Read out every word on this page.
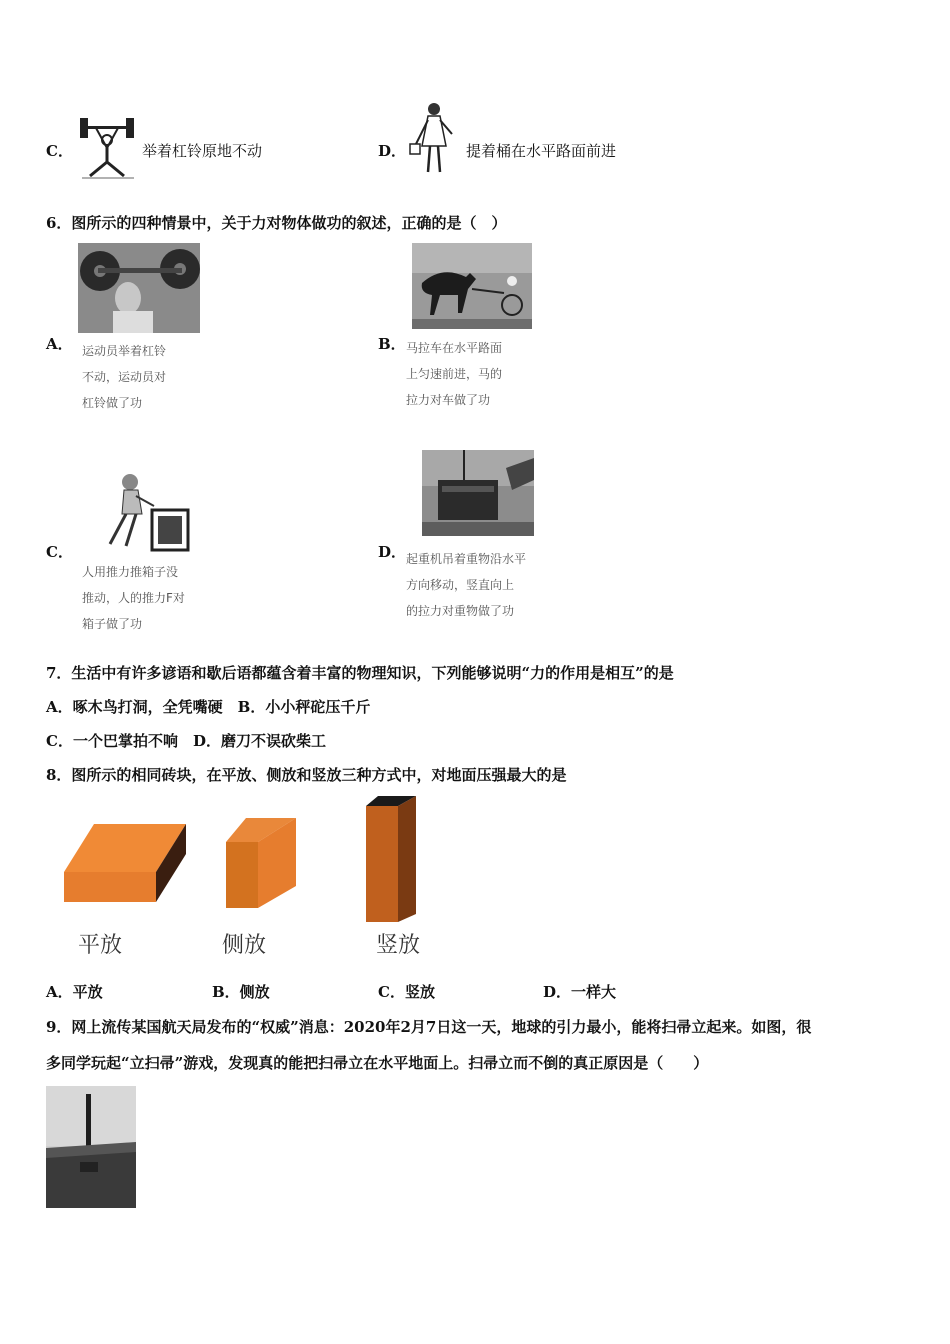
C．	举着杠铃原地不动	D．	提着桶在水平路面前进
6．图所示的四种情景中，关于力对物体做功的叙述，正确的是（　）
A． 运动员举着杠铃
不动，运动员对
杠铃做了功
B． 马拉车在水平路面
上匀速前进，马的
拉力对车做了功
C．
人用推力推箱子没
推动，人的推力F对
箱子做了功
D． 起重机吊着重物沿水平
方向移动，竖直向上
的拉力对重物做了功
7．生活中有许多谚语和歇后语都蕴含着丰富的物理知识，下列能够说明“力的作用是相互”的是
A．啄木鸟打洞，全凭嘴硬　B．小小秤砣压千斤
C．一个巴掌拍不响　D．磨刀不误砍柴工
8．图所示的相同砖块，在平放、侧放和竖放三种方式中，对地面压强最大的是
平放	侧放	竖放
A．平放	B．侧放	C．竖放	D．一样大
9．网上流传某国航天局发布的“权威”消息：2020年2月7日这一天，地球的引力最小，能将扫帚立起来。如图，很
多同学玩起“立扫帚”游戏，发现真的能把扫帚立在水平地面上。扫帚立而不倒的真正原因是（　　）
